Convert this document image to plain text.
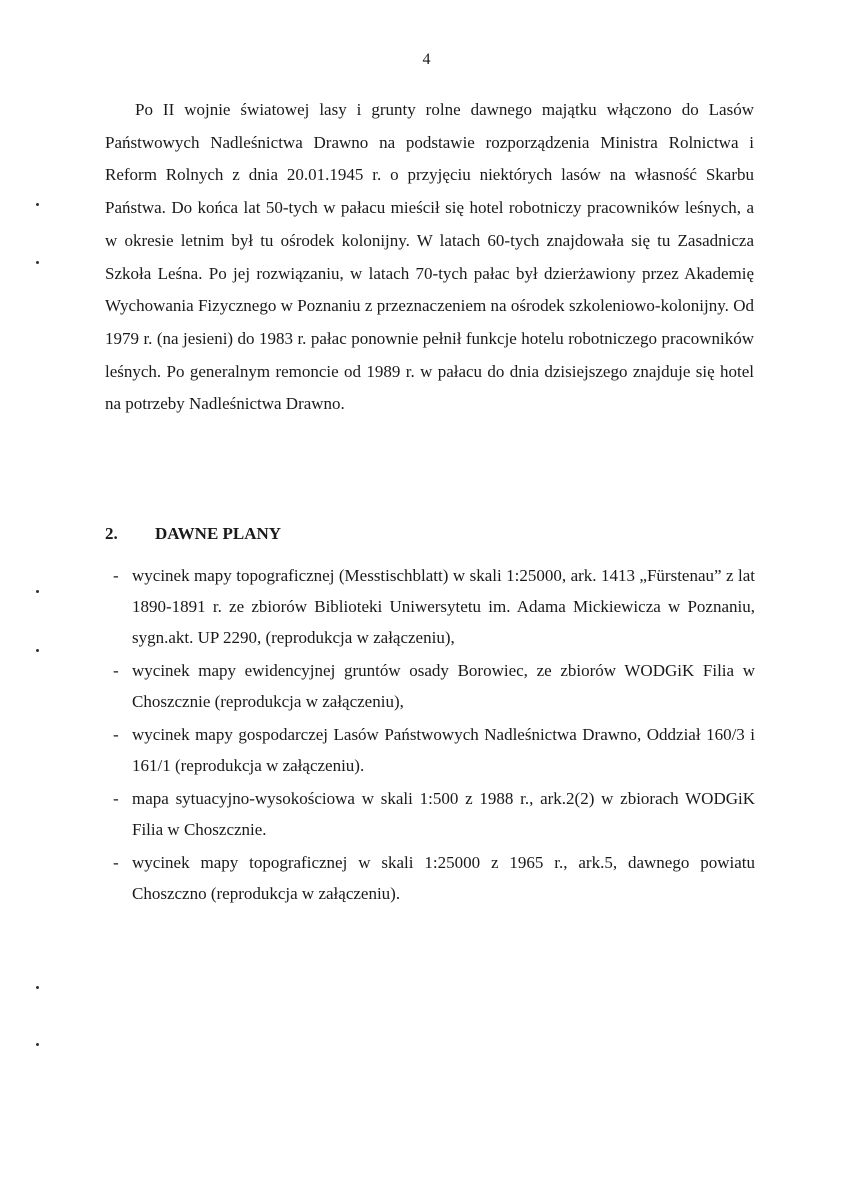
4

Po II wojnie światowej lasy i grunty rolne dawnego majątku włączono do Lasów Państwowych Nadleśnictwa Drawno na podstawie rozporządzenia Ministra Rolnictwa i Reform Rolnych z dnia 20.01.1945 r. o przyjęciu niektórych lasów na własność Skarbu Państwa. Do końca lat 50-tych w pałacu mieścił się hotel robotniczy pracowników leśnych, a w okresie letnim był tu ośrodek kolonijny. W latach 60-tych znajdowała się tu Zasadnicza Szkoła Leśna. Po jej rozwiązaniu, w latach 70-tych pałac był dzierżawiony przez Akademię Wychowania Fizycznego w Poznaniu z przeznaczeniem na ośrodek szkoleniowo-kolonijny. Od 1979 r. (na jesieni) do 1983 r. pałac ponownie pełnił funkcje hotelu robotniczego pracowników leśnych. Po generalnym remoncie od 1989 r. w pałacu do dnia dzisiejszego znajduje się hotel na potrzeby Nadleśnictwa Drawno.

2. DAWNE PLANY
- wycinek mapy topograficznej (Messtischblatt) w skali 1:25000, ark. 1413 „Fürstenau” z lat 1890-1891 r. ze zbiorów Biblioteki Uniwersytetu im. Adama Mickiewicza w Poznaniu, sygn.akt. UP 2290, (reprodukcja w załączeniu),
- wycinek mapy ewidencyjnej gruntów osady Borowiec, ze zbiorów WODGiK Filia w Choszcznie (reprodukcja w załączeniu),
- wycinek mapy gospodarczej Lasów Państwowych Nadleśnictwa Drawno, Oddział 160/3 i 161/1 (reprodukcja w załączeniu).
- mapa sytuacyjno-wysokościowa w skali 1:500 z 1988 r., ark.2(2) w zbiorach WODGiK Filia w Choszcznie.
- wycinek mapy topograficznej w skali 1:25000 z 1965 r., ark.5, dawnego powiatu Choszczno (reprodukcja w załączeniu).
